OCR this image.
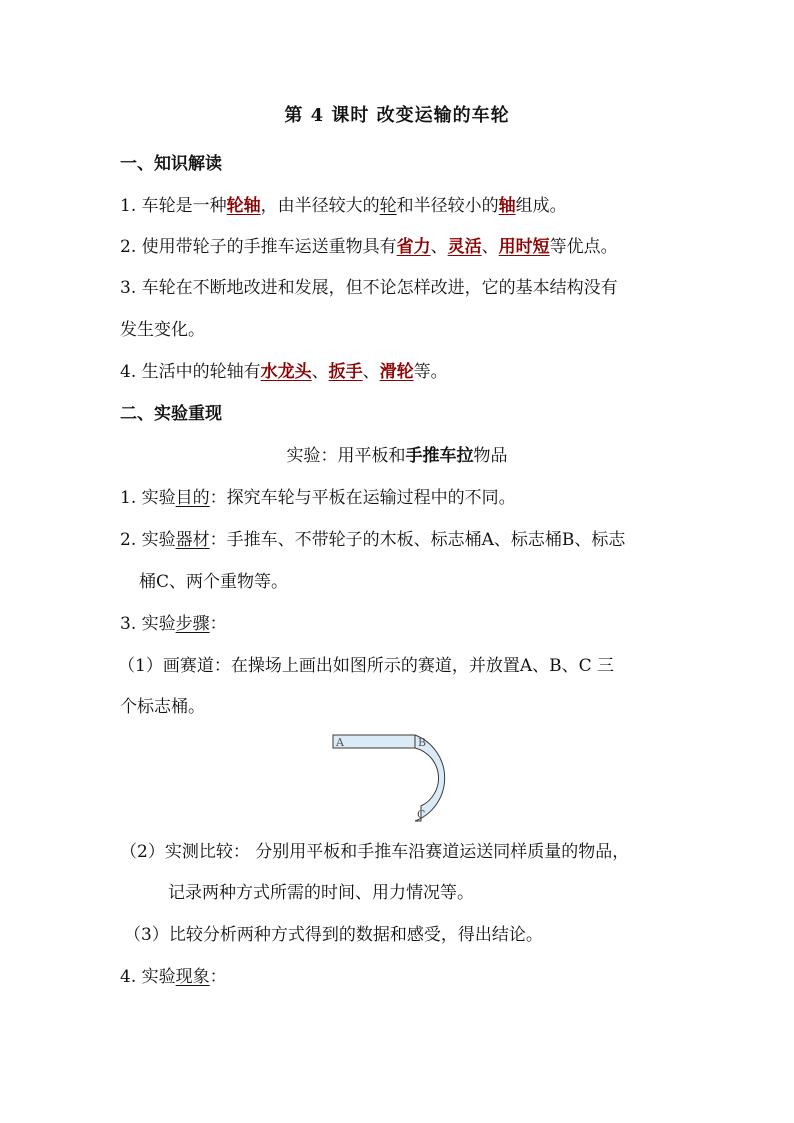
第 4 课时 改变运输的车轮
一、知识解读
1. 车轮是一种轮轴，由半径较大的轮和半径较小的轴组成。
2. 使用带轮子的手推车运送重物具有省力、灵活、用时短等优点。
3. 车轮在不断地改进和发展，但不论怎样改进，它的基本结构没有
发生变化。
4. 生活中的轮轴有水龙头、扳手、滑轮等。
二、实验重现
实验：用平板和手推车拉物品
1. 实验目的：探究车轮与平板在运输过程中的不同。
2. 实验器材：手推车、不带轮子的木板、标志桶A、标志桶B、标志
桶C、两个重物等。
3. 实验步骤：
（1）画赛道：在操场上画出如图所示的赛道，并放置A、B、C 三
个标志桶。
A	B
C
（2）实测比较： 分别用平板和手推车沿赛道运送同样质量的物品，
记录两种方式所需的时间、用力情况等。
（3）比较分析两种方式得到的数据和感受，得出结论。
4. 实验现象：
